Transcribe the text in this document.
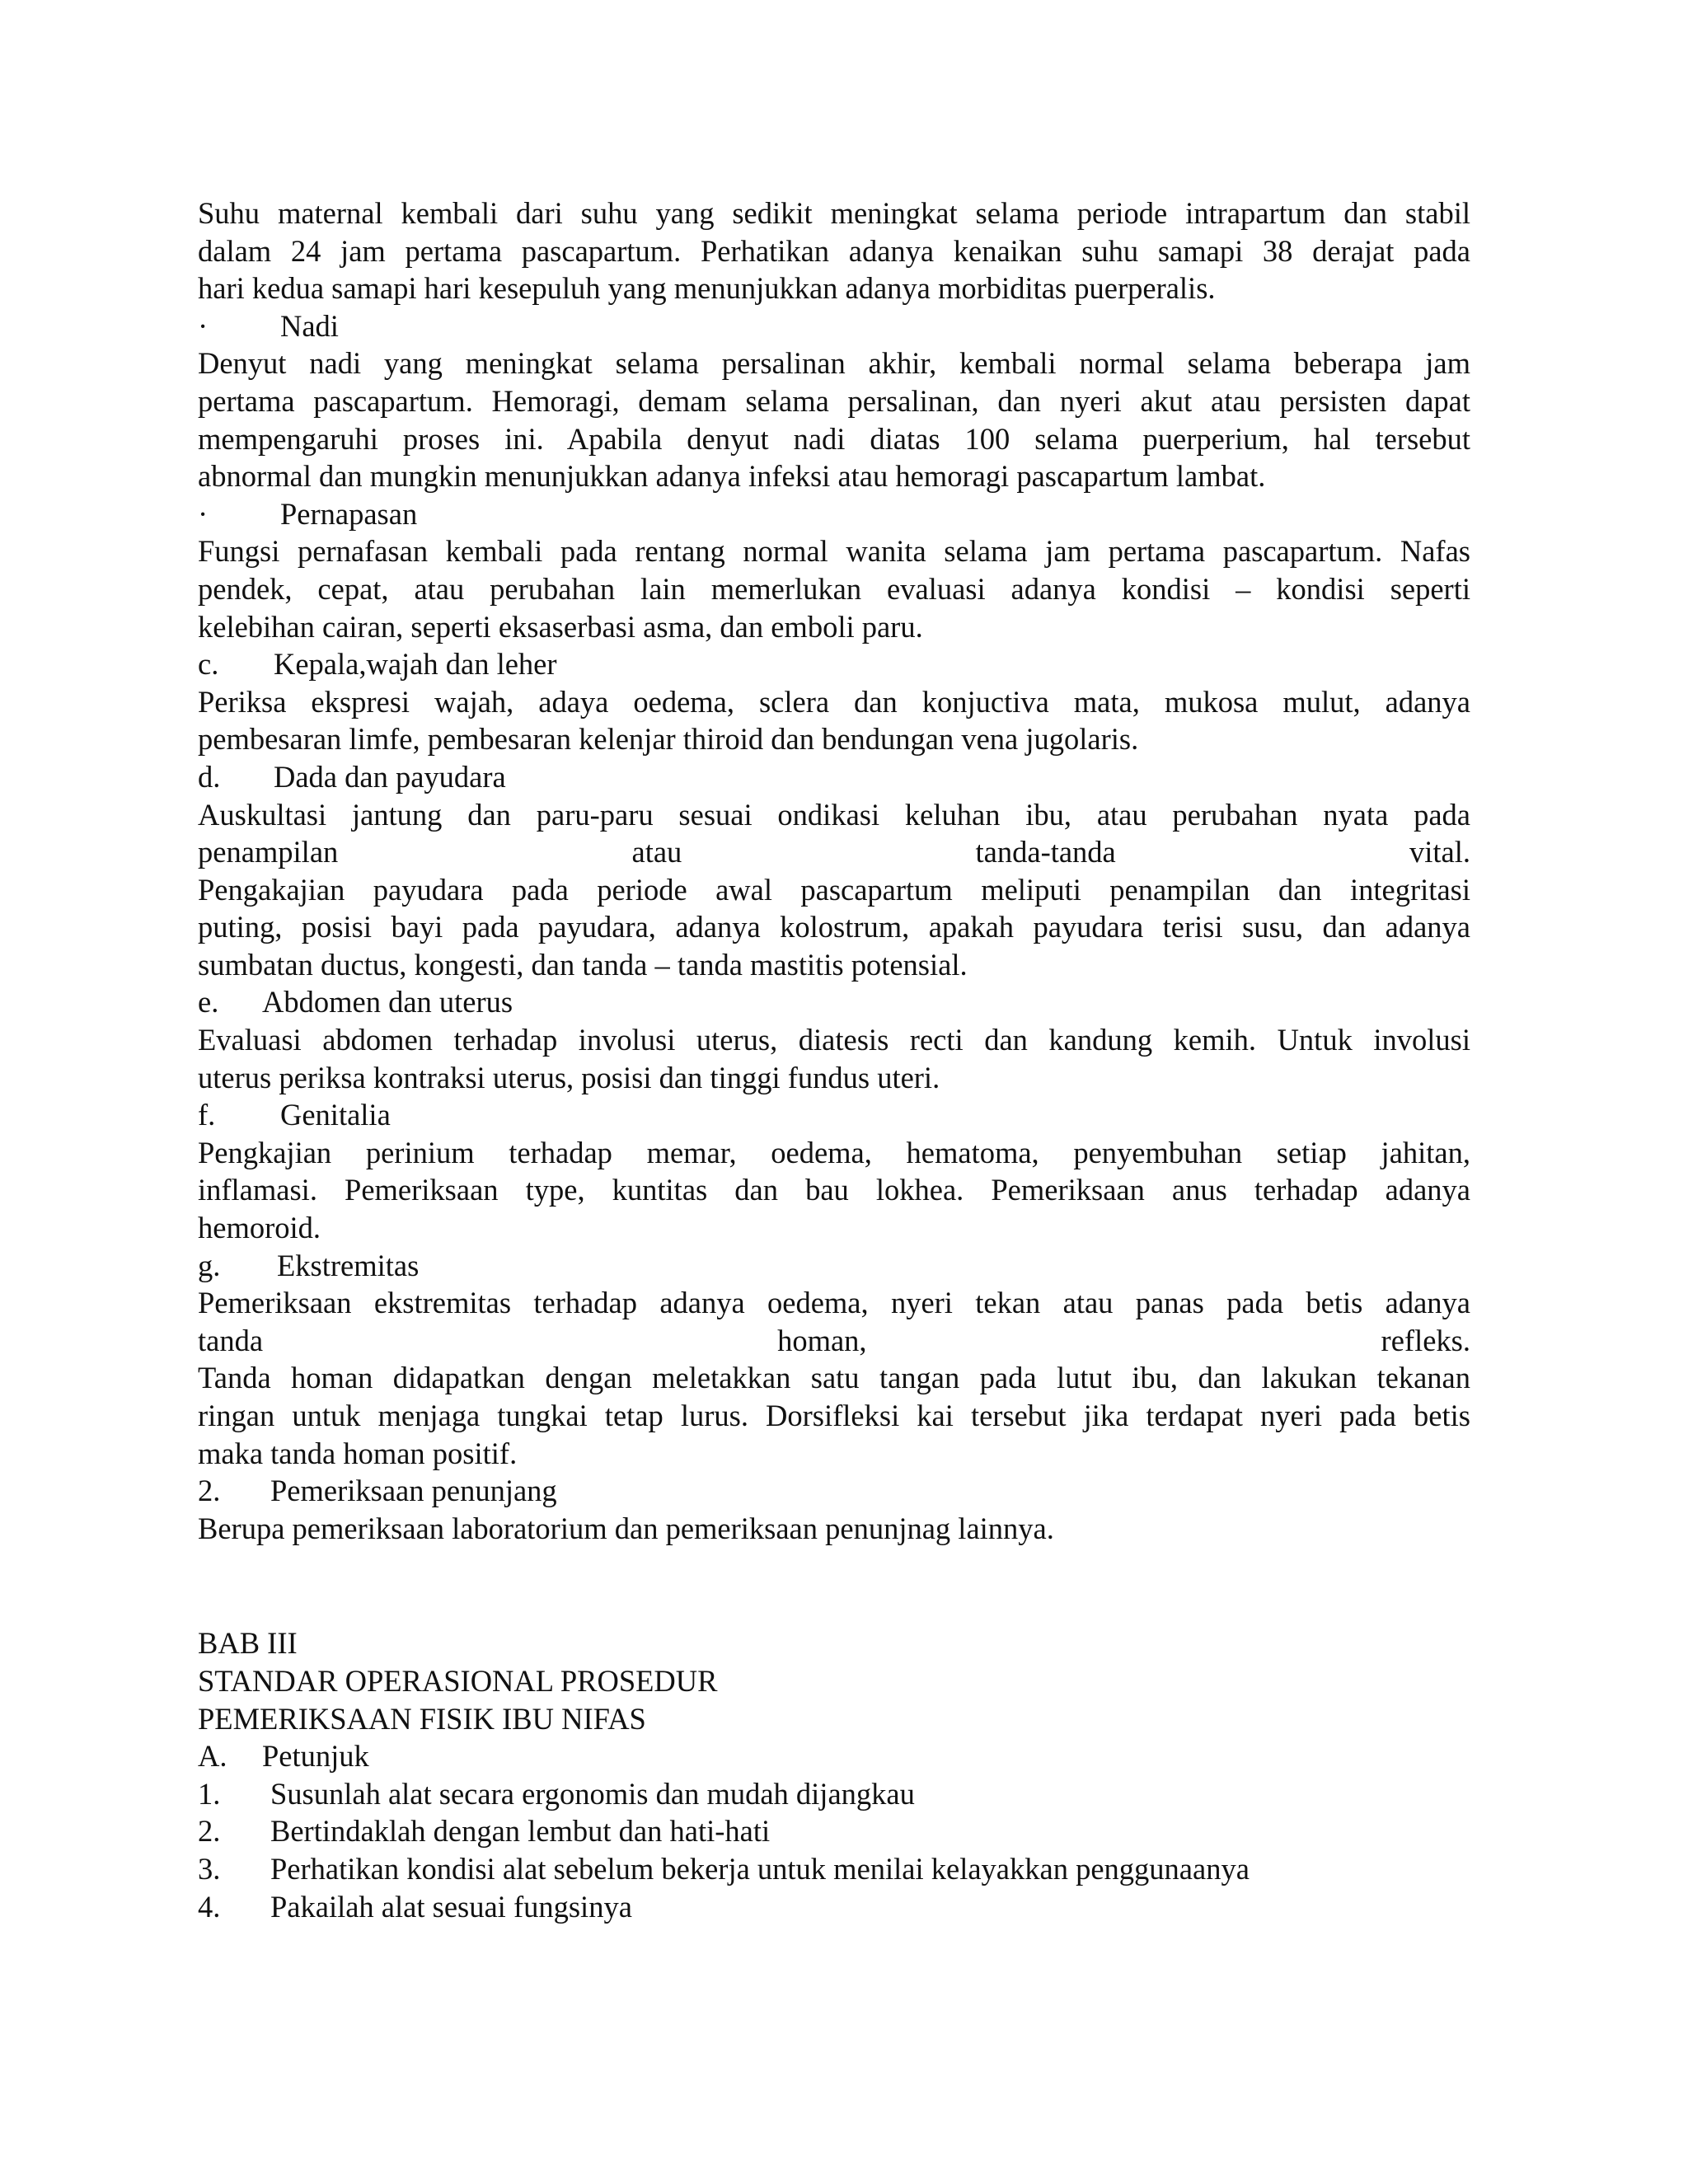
Suhu maternal kembali dari suhu yang sedikit meningkat selama periode intrapartum dan stabil
dalam 24 jam pertama pascapartum. Perhatikan adanya kenaikan suhu samapi 38 derajat pada
hari kedua samapi hari kesepuluh yang menunjukkan adanya morbiditas puerperalis.
· Nadi
Denyut nadi yang meningkat selama persalinan akhir, kembali normal selama beberapa jam
pertama pascapartum. Hemoragi, demam selama persalinan, dan nyeri akut atau persisten dapat
mempengaruhi proses ini. Apabila denyut nadi diatas 100 selama puerperium, hal tersebut
abnormal dan mungkin menunjukkan adanya infeksi atau hemoragi pascapartum lambat.
· Pernapasan
Fungsi pernafasan kembali pada rentang normal wanita selama jam pertama pascapartum. Nafas
pendek, cepat, atau perubahan lain memerlukan evaluasi adanya kondisi – kondisi seperti
kelebihan cairan, seperti eksaserbasi asma, dan emboli paru.
c. Kepala,wajah dan leher
Periksa ekspresi wajah, adaya oedema, sclera dan konjuctiva mata, mukosa mulut, adanya
pembesaran limfe, pembesaran kelenjar thiroid dan bendungan vena jugolaris.
d. Dada dan payudara
Auskultasi jantung dan paru-paru sesuai ondikasi keluhan ibu, atau perubahan nyata pada
penampilan atau tanda-tanda vital.
Pengakajian payudara pada periode awal pascapartum meliputi penampilan dan integritasi
puting, posisi bayi pada payudara, adanya kolostrum, apakah payudara terisi susu, dan adanya
sumbatan ductus, kongesti, dan tanda – tanda mastitis potensial.
e. Abdomen dan uterus
Evaluasi abdomen terhadap involusi uterus, diatesis recti dan kandung kemih. Untuk involusi
uterus periksa kontraksi uterus, posisi dan tinggi fundus uteri.
f. Genitalia
Pengkajian perinium terhadap memar, oedema, hematoma, penyembuhan setiap jahitan,
inflamasi. Pemeriksaan type, kuntitas dan bau lokhea. Pemeriksaan anus terhadap adanya
hemoroid.
g. Ekstremitas
Pemeriksaan ekstremitas terhadap adanya oedema, nyeri tekan atau panas pada betis adanya
tanda homan, refleks.
Tanda homan didapatkan dengan meletakkan satu tangan pada lutut ibu, dan lakukan tekanan
ringan untuk menjaga tungkai tetap lurus. Dorsifleksi kai tersebut jika terdapat nyeri pada betis
maka tanda homan positif.
2. Pemeriksaan penunjang
Berupa pemeriksaan laboratorium dan pemeriksaan penunjnag lainnya.
BAB III
STANDAR OPERASIONAL PROSEDUR
PEMERIKSAAN FISIK IBU NIFAS
A. Petunjuk
1. Susunlah alat secara ergonomis dan mudah dijangkau
2. Bertindaklah dengan lembut dan hati-hati
3. Perhatikan kondisi alat sebelum bekerja untuk menilai kelayakkan penggunaanya
4. Pakailah alat sesuai fungsinya
